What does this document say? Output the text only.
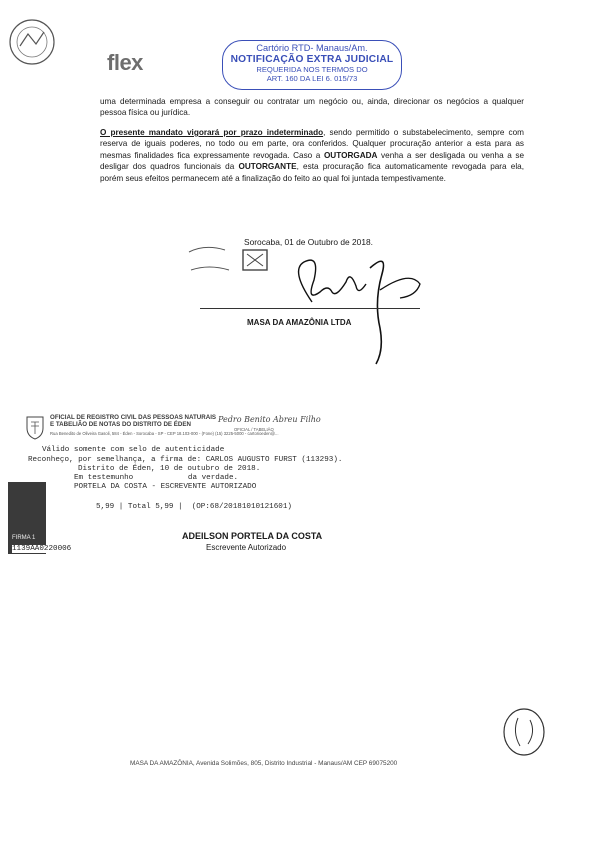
flex
Cartório RTD- Manaus/Am.
NOTIFICAÇÃO EXTRA JUDICIAL
REQUERIDA NOS TERMOS DO
ART. 160 DA LEI 6. 015/73
uma determinada empresa a conseguir ou contratar um negócio ou, ainda, direcionar os negócios a qualquer pessoa física ou jurídica.
O presente mandato vigorará por prazo indeterminado, sendo permitido o substabelecimento, sempre com reserva de iguais poderes, no todo ou em parte, ora conferidos. Qualquer procuração anterior a esta para as mesmas finalidades fica expressamente revogada. Caso a OUTORGADA venha a ser desligada ou venha a se desligar dos quadros funcionais da OUTORGANTE, esta procuração fica automaticamente revogada para ela, porém seus efeitos permanecem até a finalização do feito ao qual foi juntada tempestivamente.
Sorocaba, 01 de Outubro de 2018.
MASA DA AMAZÔNIA LTDA
OFICIAL DE REGISTRO CIVIL DAS PESSOAS NATURAIS
E TABELIÃO DE NOTAS DO DISTRITO DE ÉDEN
Rua Benedito de Oliveira Gasoli, 584 - Éden - Sorocaba - SP - CEP 18.103-000 - (Fone) (15) 3225-5000 - cartorioeden@...
Pedro Benito Abreu Filho
OFICIAL / TABELIÃO
Válido somente com selo de autenticidade
Reconheço, por semelhança, a firma de: CARLOS AUGUSTO FURST (113293).
Distrito de Éden, 10 de outubro de 2018.
Em testemunho            da verdade.
PORTELA DA COSTA - ESCREVENTE AUTORIZADO
FIRMA 1
5,99 | Total 5,99 |  (OP:68/20181010121601)
1139AA0220006
ADEILSON PORTELA DA COSTA
Escrevente Autorizado
MASA DA AMAZÔNIA, Avenida Solimões, 805, Distrito Industrial - Manaus/AM CEP 69075200
